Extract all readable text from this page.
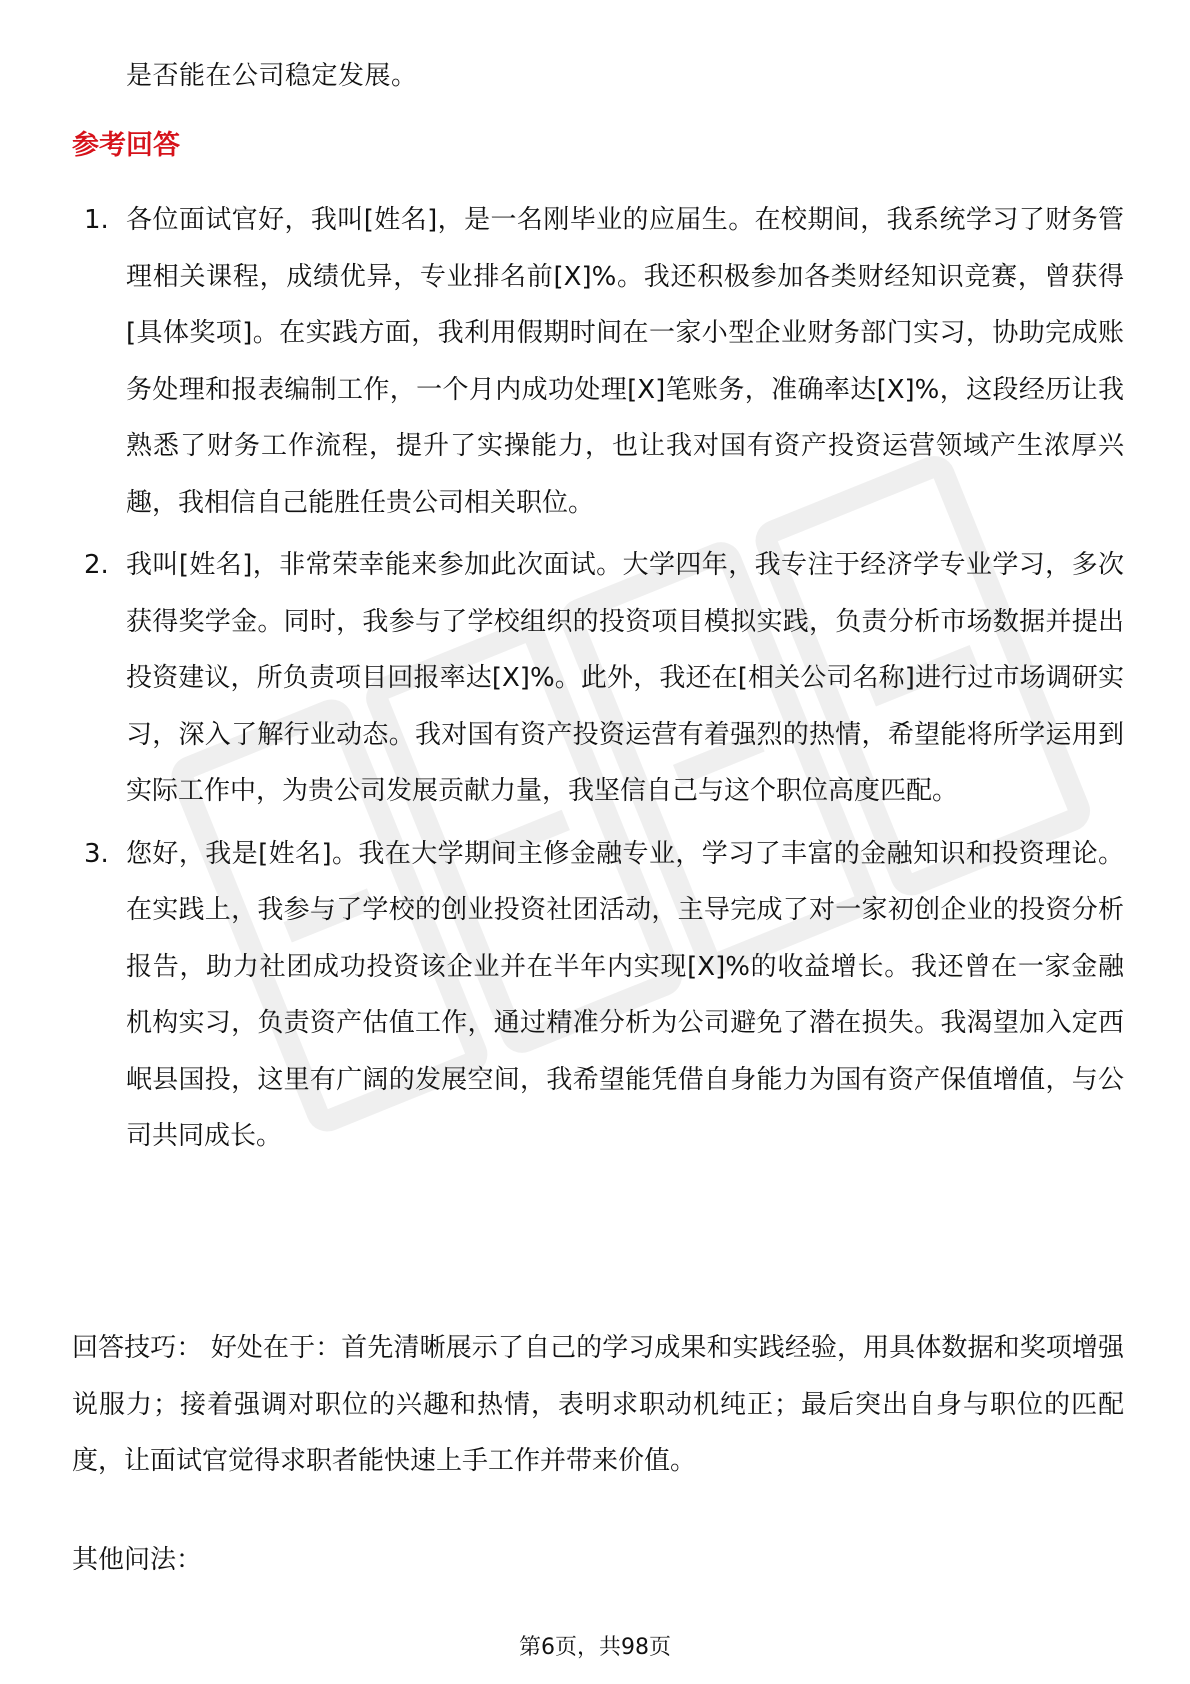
是否能在公司稳定发展。
参考回答
1. 各位面试官好，我叫[姓名]，是一名刚毕业的应届生。在校期间，我系统学习了财务管理相关课程，成绩优异，专业排名前[X]%。我还积极参加各类财经知识竞赛，曾获得[具体奖项]。在实践方面，我利用假期时间在一家小型企业财务部门实习，协助完成账务处理和报表编制工作，一个月内成功处理[X]笔账务，准确率达[X]%，这段经历让我熟悉了财务工作流程，提升了实操能力，也让我对国有资产投资运营领域产生浓厚兴趣，我相信自己能胜任贵公司相关职位。
2. 我叫[姓名]，非常荣幸能来参加此次面试。大学四年，我专注于经济学专业学习，多次获得奖学金。同时，我参与了学校组织的投资项目模拟实践，负责分析市场数据并提出投资建议，所负责项目回报率达[X]%。此外，我还在[相关公司名称]进行过市场调研实习，深入了解行业动态。我对国有资产投资运营有着强烈的热情，希望能将所学运用到实际工作中，为贵公司发展贡献力量，我坚信自己与这个职位高度匹配。
3. 您好，我是[姓名]。我在大学期间主修金融专业，学习了丰富的金融知识和投资理论。在实践上，我参与了学校的创业投资社团活动，主导完成了对一家初创企业的投资分析报告，助力社团成功投资该企业并在半年内实现[X]%的收益增长。我还曾在一家金融机构实习，负责资产估值工作，通过精准分析为公司避免了潜在损失。我渴望加入定西岷县国投，这里有广阔的发展空间，我希望能凭借自身能力为国有资产保值增值，与公司共同成长。
回答技巧： 好处在于：首先清晰展示了自己的学习成果和实践经验，用具体数据和奖项增强说服力；接着强调对职位的兴趣和热情，表明求职动机纯正；最后突出自身与职位的匹配度，让面试官觉得求职者能快速上手工作并带来价值。
其他问法：
第6页，共98页
